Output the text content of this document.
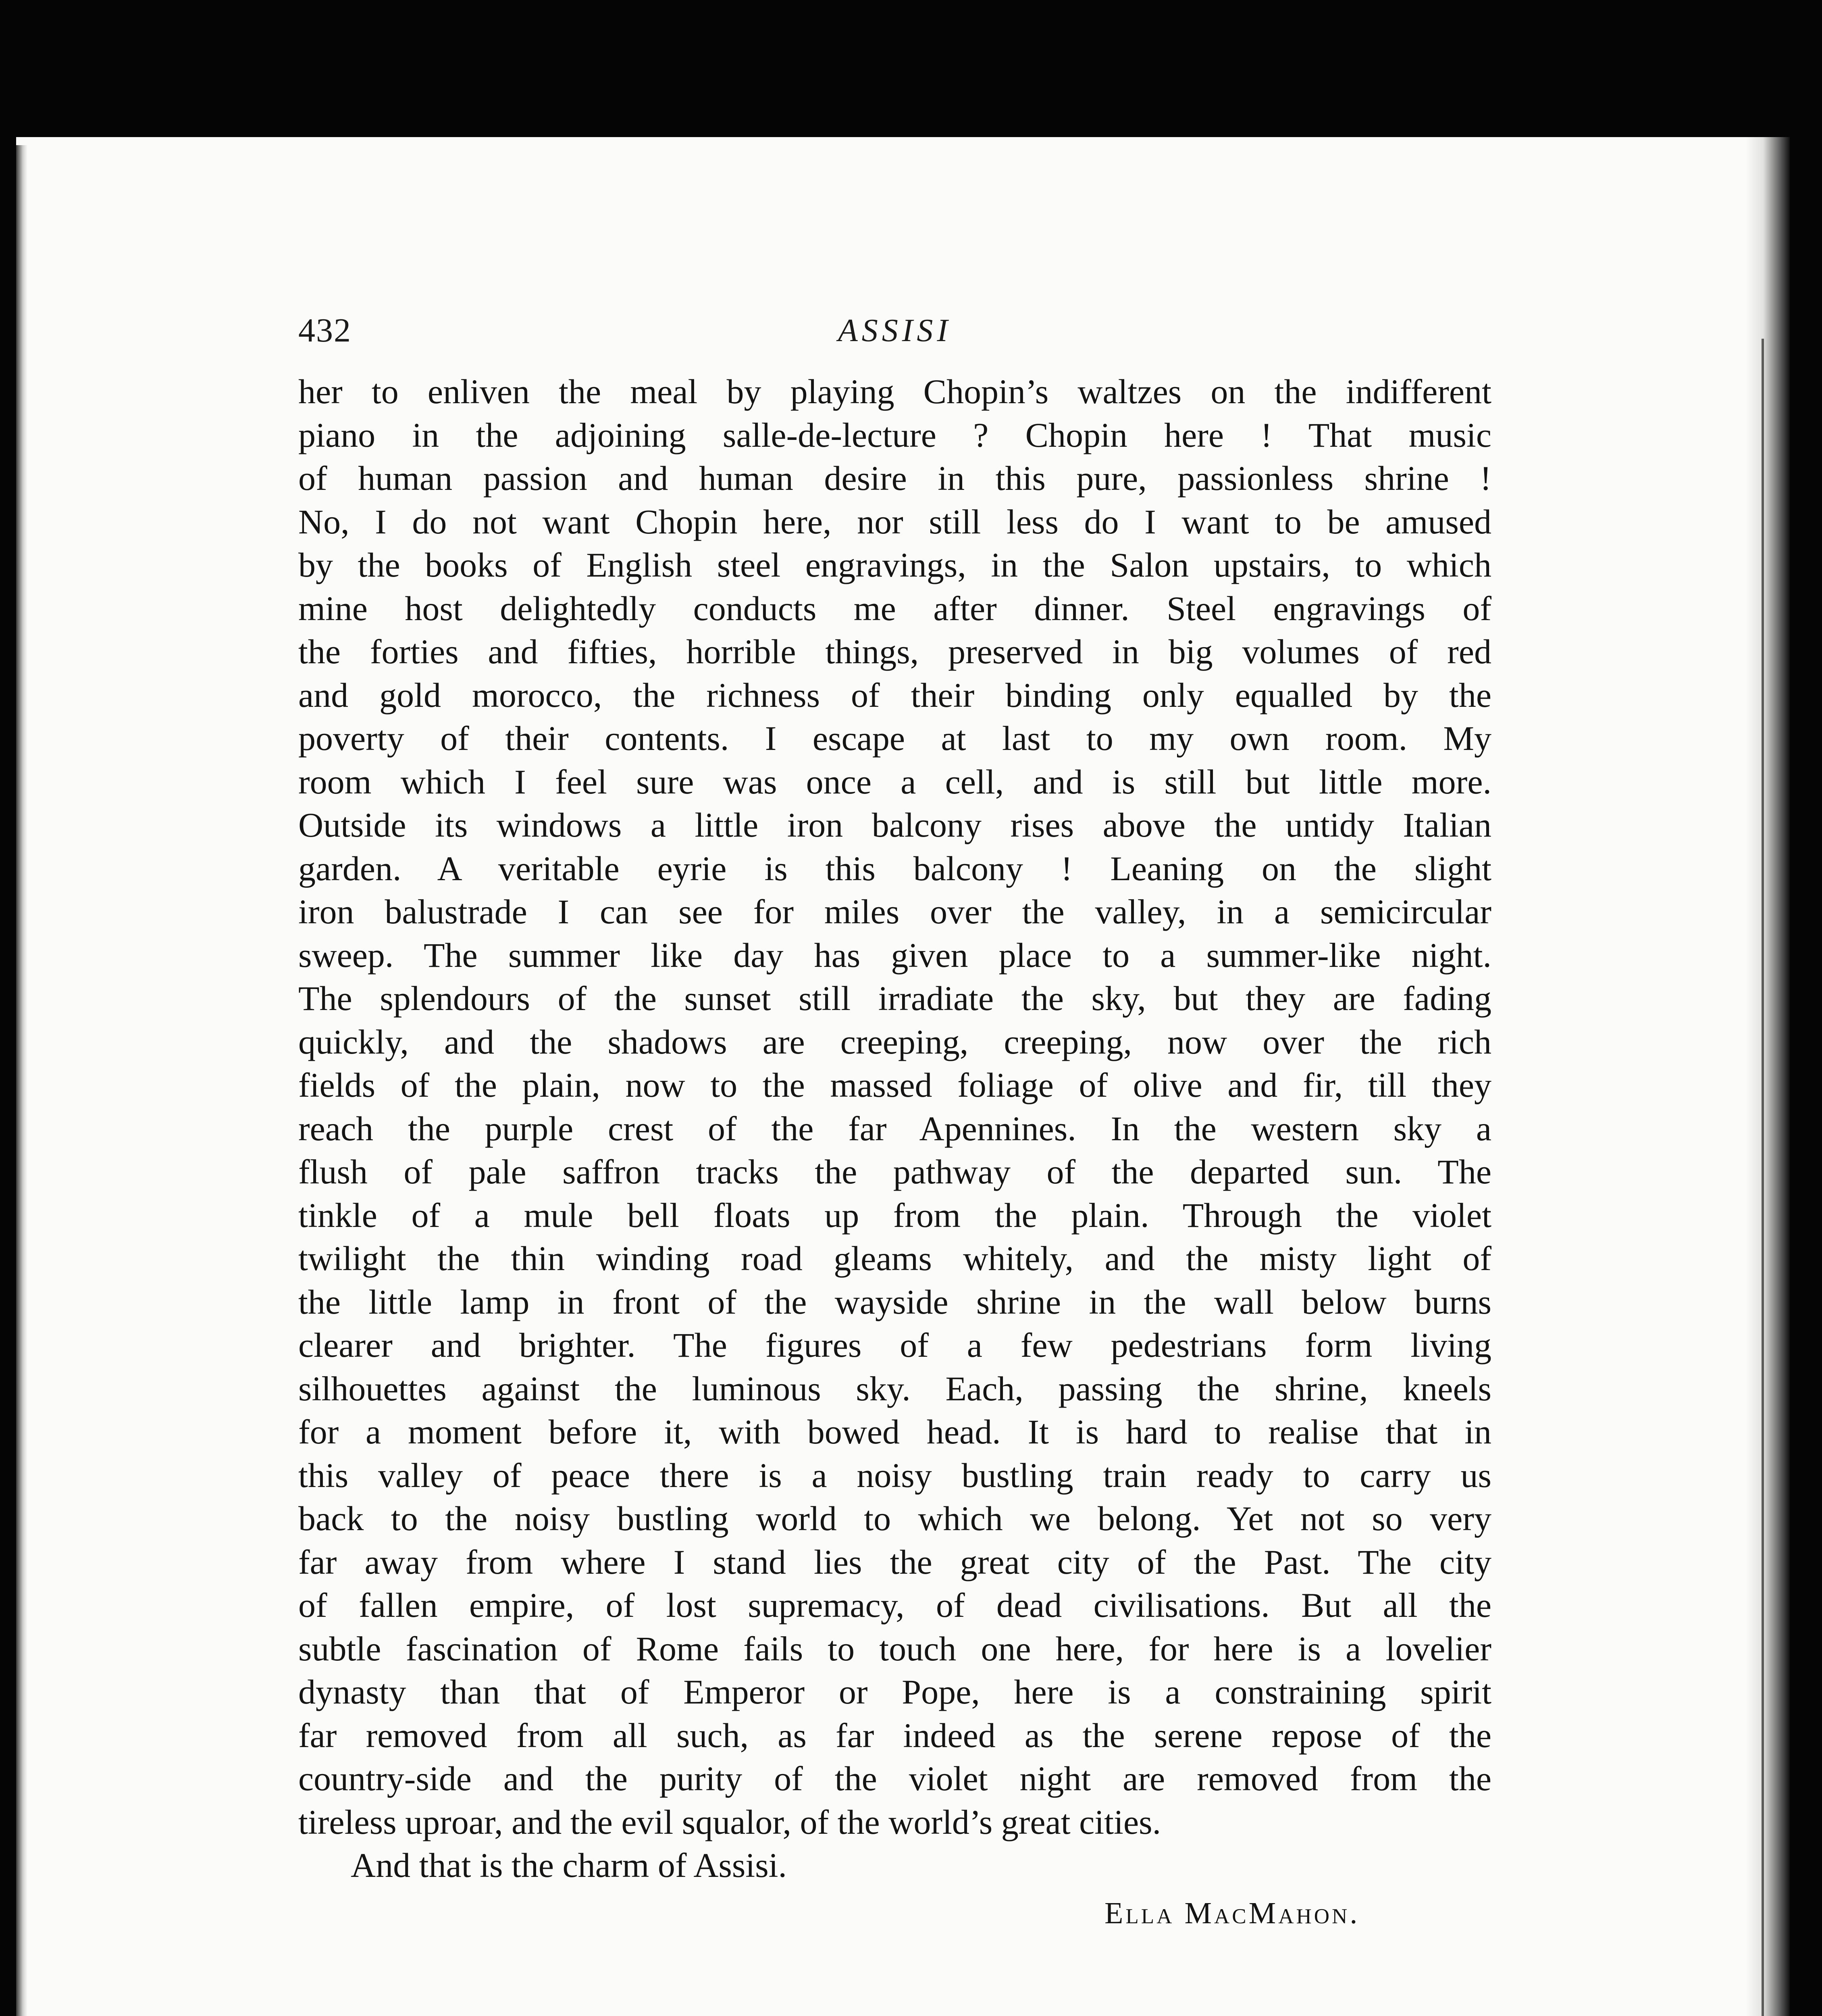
432	ASSISI
her to enliven the meal by playing Chopin’s waltzes on the indifferent
piano in the adjoining salle-de-lecture ? Chopin here ! That music
of human passion and human desire in this pure, passionless shrine !
No, I do not want Chopin here, nor still less do I want to be amused
by the books of English steel engravings, in the Salon upstairs, to which
mine host delightedly conducts me after dinner. Steel engravings of
the forties and fifties, horrible things, preserved in big volumes of red
and gold morocco, the richness of their binding only equalled by the
poverty of their contents. I escape at last to my own room. My
room which I feel sure was once a cell, and is still but little more.
Outside its windows a little iron balcony rises above the untidy Italian
garden. A veritable eyrie is this balcony ! Leaning on the slight
iron balustrade I can see for miles over the valley, in a semicircular
sweep. The summer like day has given place to a summer-like night.
The splendours of the sunset still irradiate the sky, but they are fading
quickly, and the shadows are creeping, creeping, now over the rich
fields of the plain, now to the massed foliage of olive and fir, till they
reach the purple crest of the far Apennines. In the western sky a
flush of pale saffron tracks the pathway of the departed sun. The
tinkle of a mule bell floats up from the plain. Through the violet
twilight the thin winding road gleams whitely, and the misty light of
the little lamp in front of the wayside shrine in the wall below burns
clearer and brighter. The figures of a few pedestrians form living
silhouettes against the luminous sky. Each, passing the shrine, kneels
for a moment before it, with bowed head. It is hard to realise that in
this valley of peace there is a noisy bustling train ready to carry us
back to the noisy bustling world to which we belong. Yet not so very
far away from where I stand lies the great city of the Past. The city
of fallen empire, of lost supremacy, of dead civilisations. But all the
subtle fascination of Rome fails to touch one here, for here is a lovelier
dynasty than that of Emperor or Pope, here is a constraining spirit
far removed from all such, as far indeed as the serene repose of the
country-side and the purity of the violet night are removed from the
tireless uproar, and the evil squalor, of the world’s great cities.
And that is the charm of Assisi.
Ella MacMahon.
